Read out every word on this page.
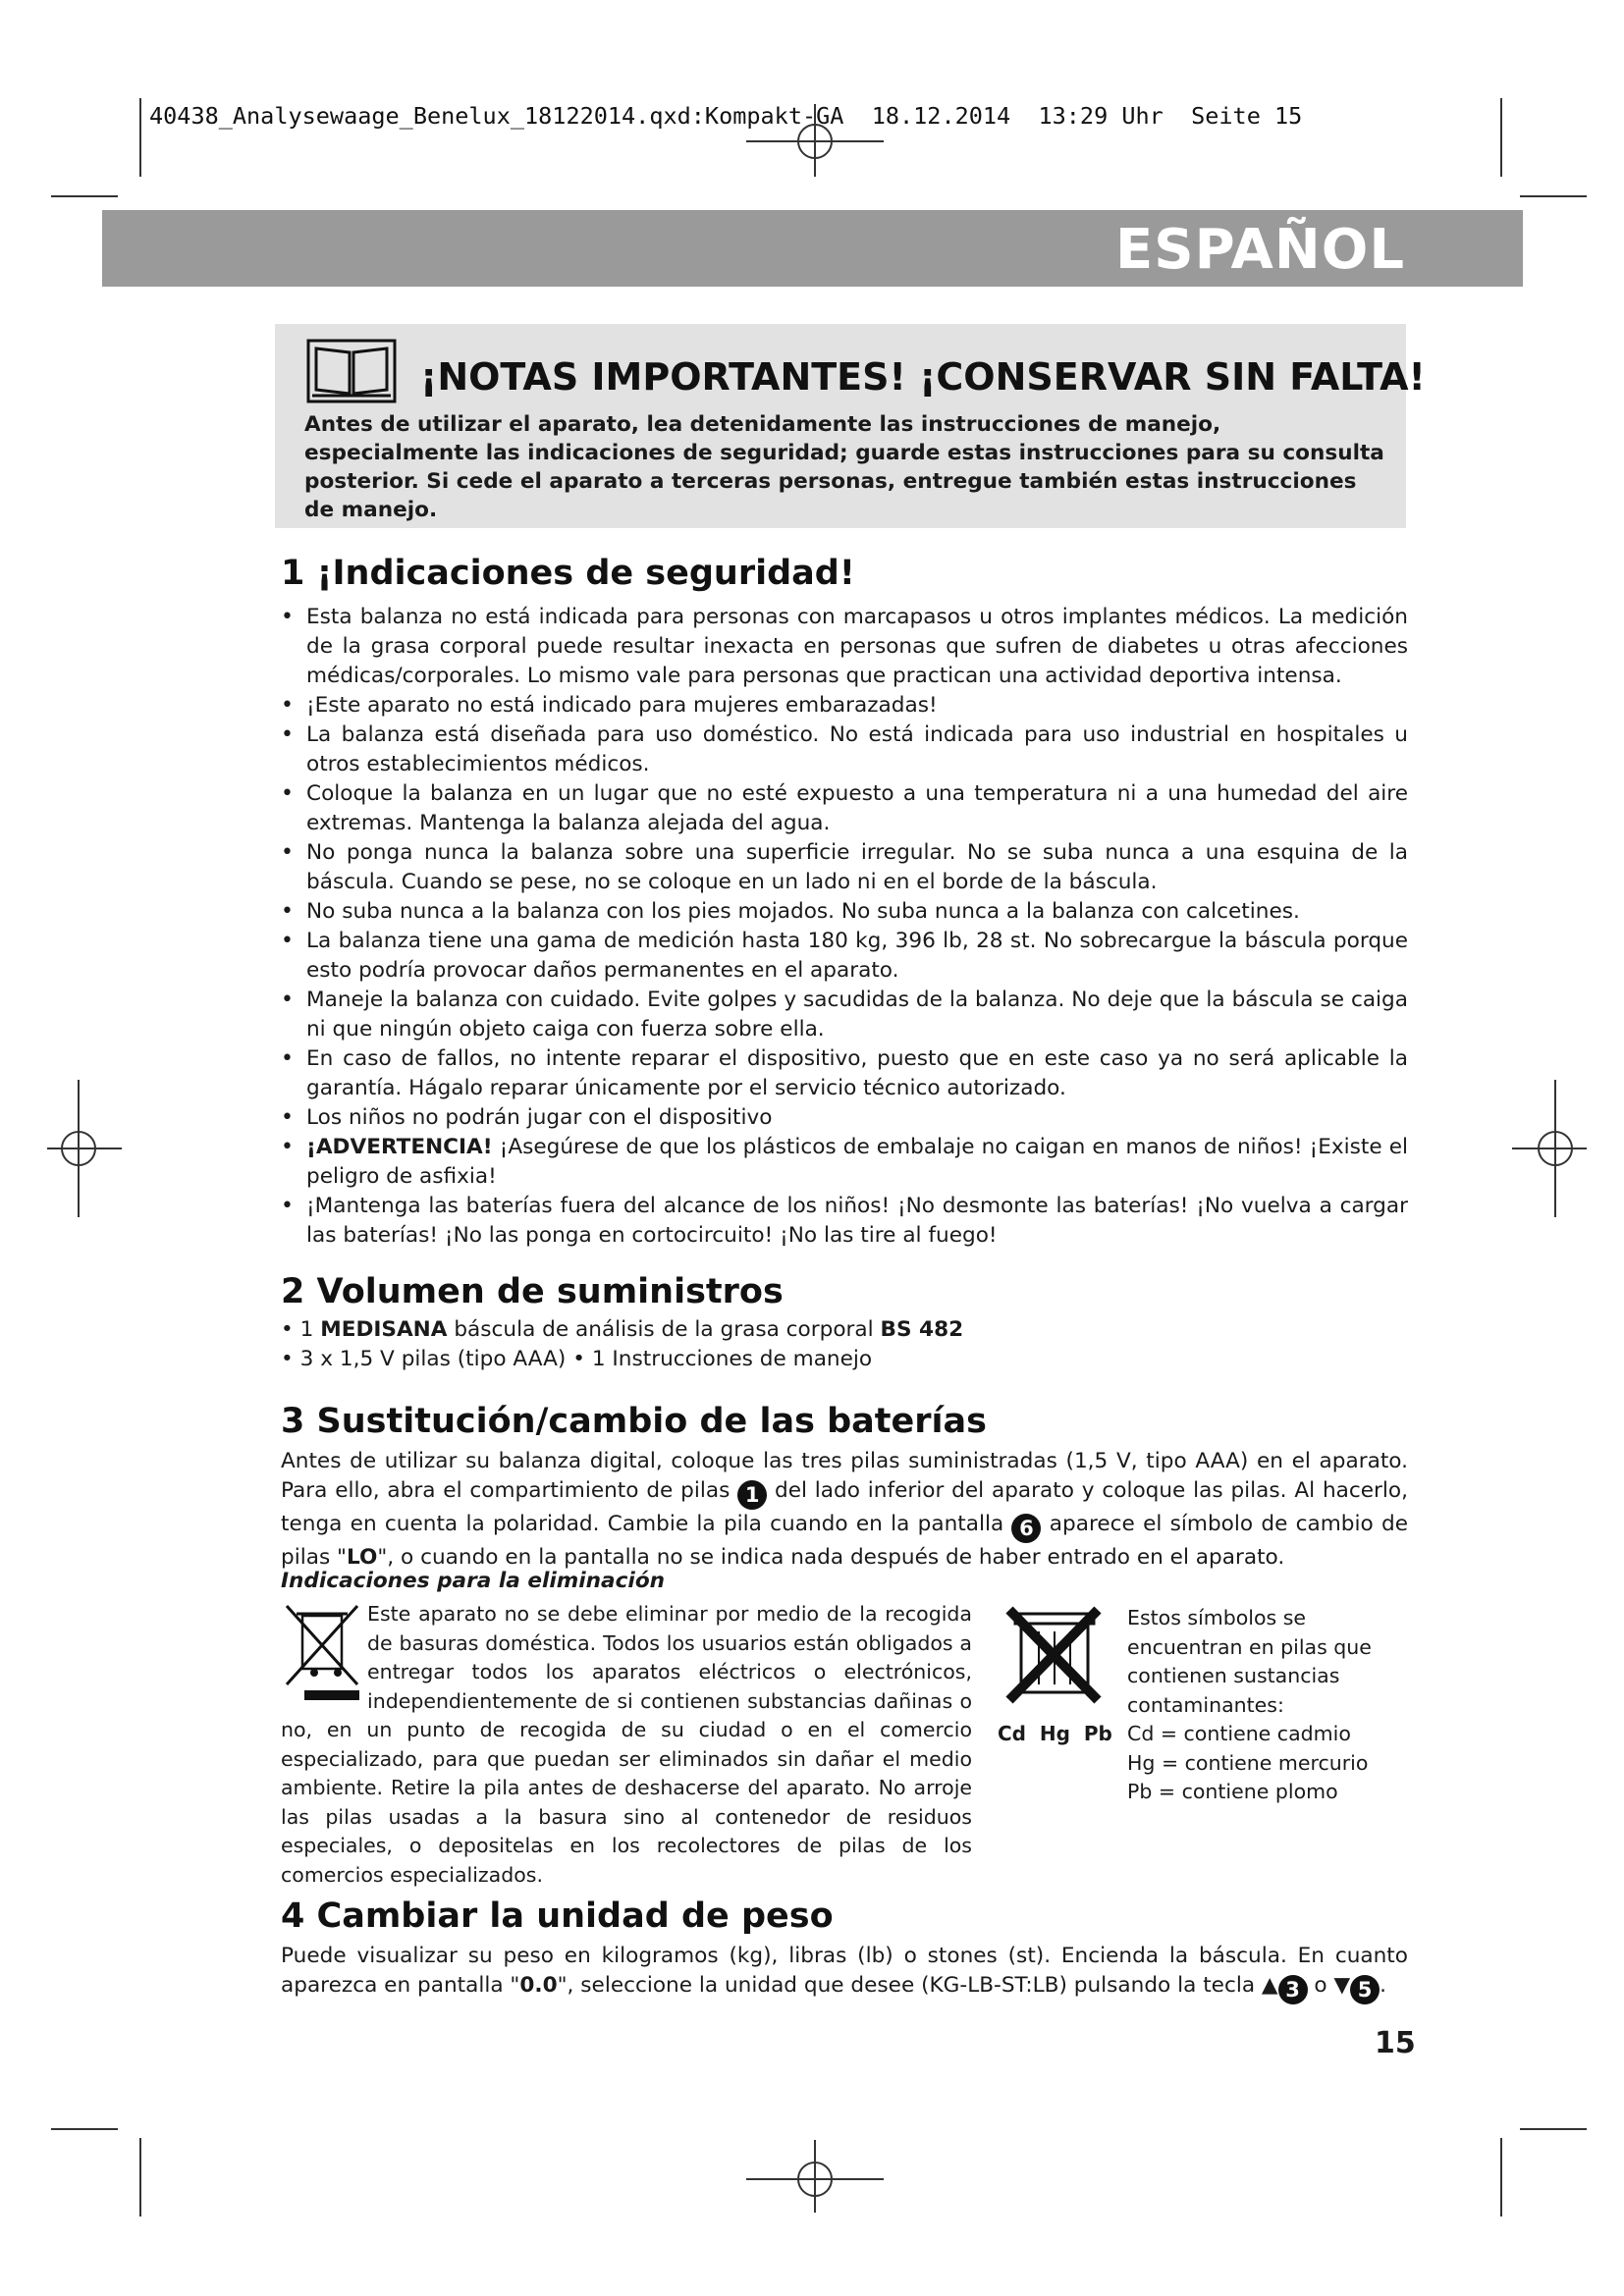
40438_Analysewaage_Benelux_18122014.qxd:Kompakt-GA  18.12.2014  13:29 Uhr  Seite 15
ESPAÑOL
¡NOTAS IMPORTANTES! ¡CONSERVAR SIN FALTA!
Antes de utilizar el aparato, lea detenidamente las instrucciones de manejo, especialmente las indicaciones de seguridad; guarde estas instrucciones para su consulta posterior. Si cede el aparato a terceras personas, entregue también estas instrucciones de manejo.
1 ¡Indicaciones de seguridad!
• Esta balanza no está indicada para personas con marcapasos u otros implantes médicos. La medición de la grasa corporal puede resultar inexacta en personas que sufren de diabetes u otras afecciones médicas/corporales. Lo mismo vale para personas que practican una actividad deportiva intensa.
• ¡Este aparato no está indicado para mujeres embarazadas!
• La balanza está diseñada para uso doméstico. No está indicada para uso industrial en hospitales u otros establecimientos médicos.
• Coloque la balanza en un lugar que no esté expuesto a una temperatura ni a una humedad del aire extremas. Mantenga la balanza alejada del agua.
• No ponga nunca la balanza sobre una superficie irregular. No se suba nunca a una esquina de la báscula. Cuando se pese, no se coloque en un lado ni en el borde de la báscula.
• No suba nunca a la balanza con los pies mojados. No suba nunca a la balanza con calcetines.
• La balanza tiene una gama de medición hasta 180 kg, 396 lb, 28 st. No sobrecargue la báscula porque esto podría provocar daños permanentes en el aparato.
• Maneje la balanza con cuidado. Evite golpes y sacudidas de la balanza. No deje que la báscula se caiga ni que ningún objeto caiga con fuerza sobre ella.
• En caso de fallos, no intente reparar el dispositivo, puesto que en este caso ya no será aplicable la garantía. Hágalo reparar únicamente por el servicio técnico autorizado.
• Los niños no podrán jugar con el dispositivo
• ¡ADVERTENCIA! ¡Asegúrese de que los plásticos de embalaje no caigan en manos de niños! ¡Existe el peligro de asfixia!
• ¡Mantenga las baterías fuera del alcance de los niños! ¡No desmonte las baterías! ¡No vuelva a cargar las baterías! ¡No las ponga en cortocircuito! ¡No las tire al fuego!
2 Volumen de suministros
• 1 MEDISANA báscula de análisis de la grasa corporal BS 482
• 3 x 1,5 V pilas (tipo AAA) • 1 Instrucciones de manejo
3 Sustitución/cambio de las baterías
Antes de utilizar su balanza digital, coloque las tres pilas suministradas (1,5 V, tipo AAA) en el aparato. Para ello, abra el compartimiento de pilas 1 del lado inferior del aparato y coloque las pilas. Al hacerlo, tenga en cuenta la polaridad. Cambie la pila cuando en la pantalla 6 aparece el símbolo de cambio de pilas "LO", o cuando en la pantalla no se indica nada después de haber entrado en el aparato.
Indicaciones para la eliminación
Este aparato no se debe eliminar por medio de la recogida de basuras doméstica. Todos los usuarios están obligados a entregar todos los aparatos eléctricos o electrónicos, independientemente de si contienen substancias dañinas o no, en un punto de recogida de su ciudad o en el comercio especializado, para que puedan ser eliminados sin dañar el medio ambiente. Retire la pila antes de deshacerse del aparato. No arroje las pilas usadas a la basura sino al contenedor de residuos especiales, o depositelas en los recolectores de pilas de los comercios especializados.
Cd  Hg  Pb
Estos símbolos se
encuentran en pilas que
contienen sustancias
contaminantes:
Cd = contiene cadmio
Hg = contiene mercurio
Pb = contiene plomo
4 Cambiar la unidad de peso
Puede visualizar su peso en kilogramos (kg), libras (lb) o stones (st). Encienda la báscula. En cuanto aparezca en pantalla "0.0", seleccione la unidad que desee (KG-LB-ST:LB) pulsando la tecla ▲ 3 o ▼ 5 .
15
